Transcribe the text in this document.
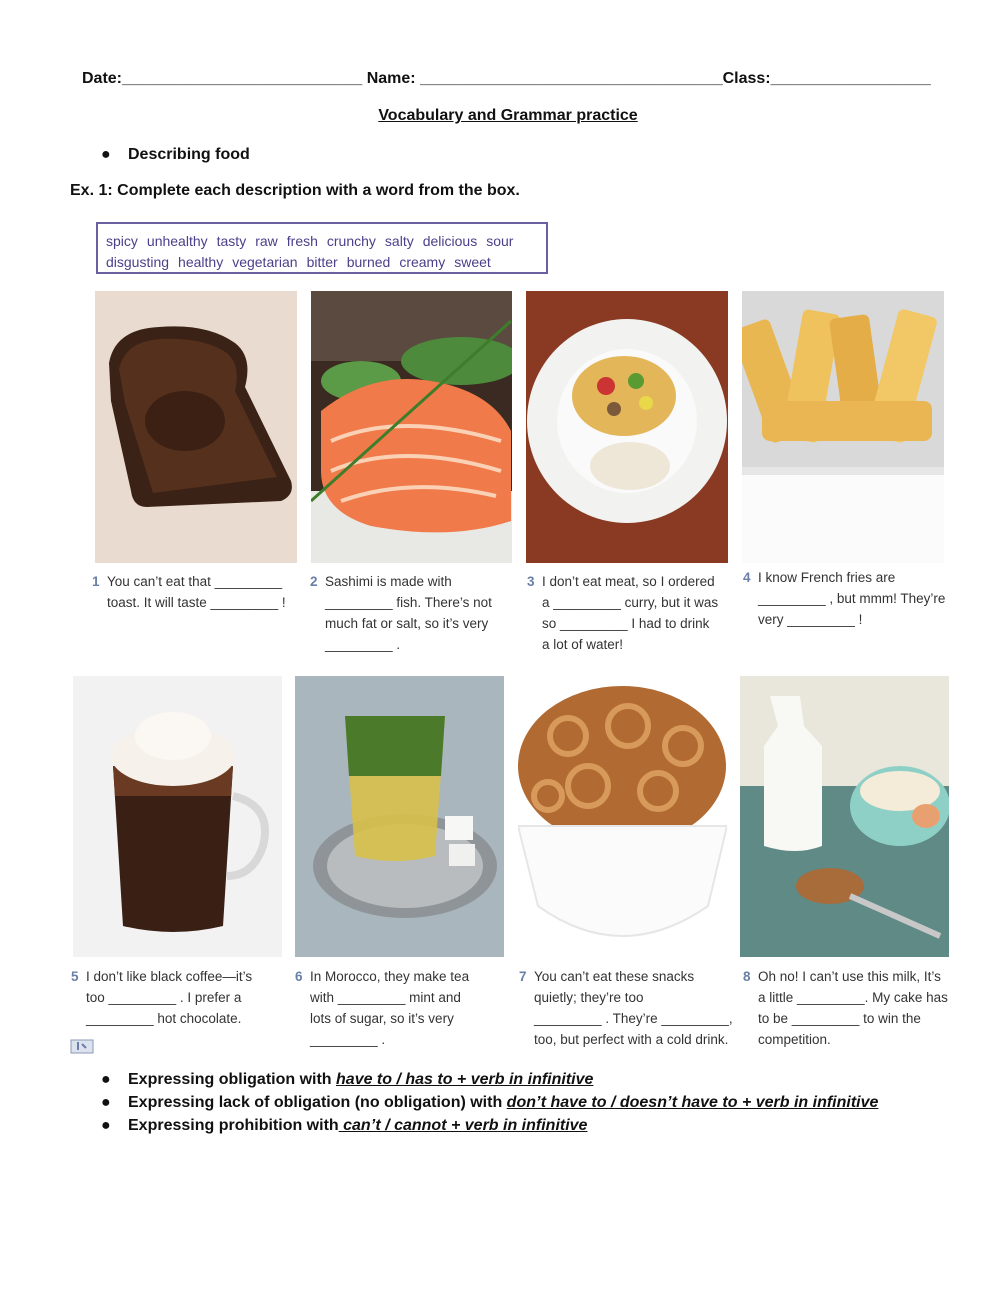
Date:___________________________ Name: __________________________________Class:__________________
Vocabulary and Grammar practice
● Describing food
Ex. 1: Complete each description with a word from the box.
spicy unhealthy tasty raw fresh crunchy salty delicious sour
disgusting healthy vegetarian bitter burned creamy sweet
1 You can’t eat that _________
toast. It will taste _________ !
2 Sashimi is made with
_________ fish. There’s not
much fat or salt, so it’s very
_________ .
3 I don’t eat meat, so I ordered
a _________ curry, but it was
so _________ I had to drink
a lot of water!
4 I know French fries are
_________ , but mmm! They’re
very _________ !
5 I don’t like black coffee—it’s
too _________ . I prefer a
_________ hot chocolate.
6 In Morocco, they make tea
with _________ mint and
lots of sugar, so it’s very
_________ .
7 You can’t eat these snacks
quietly; they’re too
_________ . They’re _________,
too, but perfect with a cold drink.
8 Oh no! I can’t use this milk, It’s
a little _________. My cake has
to be _________ to win the
competition.
● Expressing obligation with have to / has to + verb in infinitive
● Expressing lack of obligation (no obligation) with don’t have to / doesn’t have to + verb in infinitive
● Expressing prohibition with can’t / cannot + verb in infinitive
